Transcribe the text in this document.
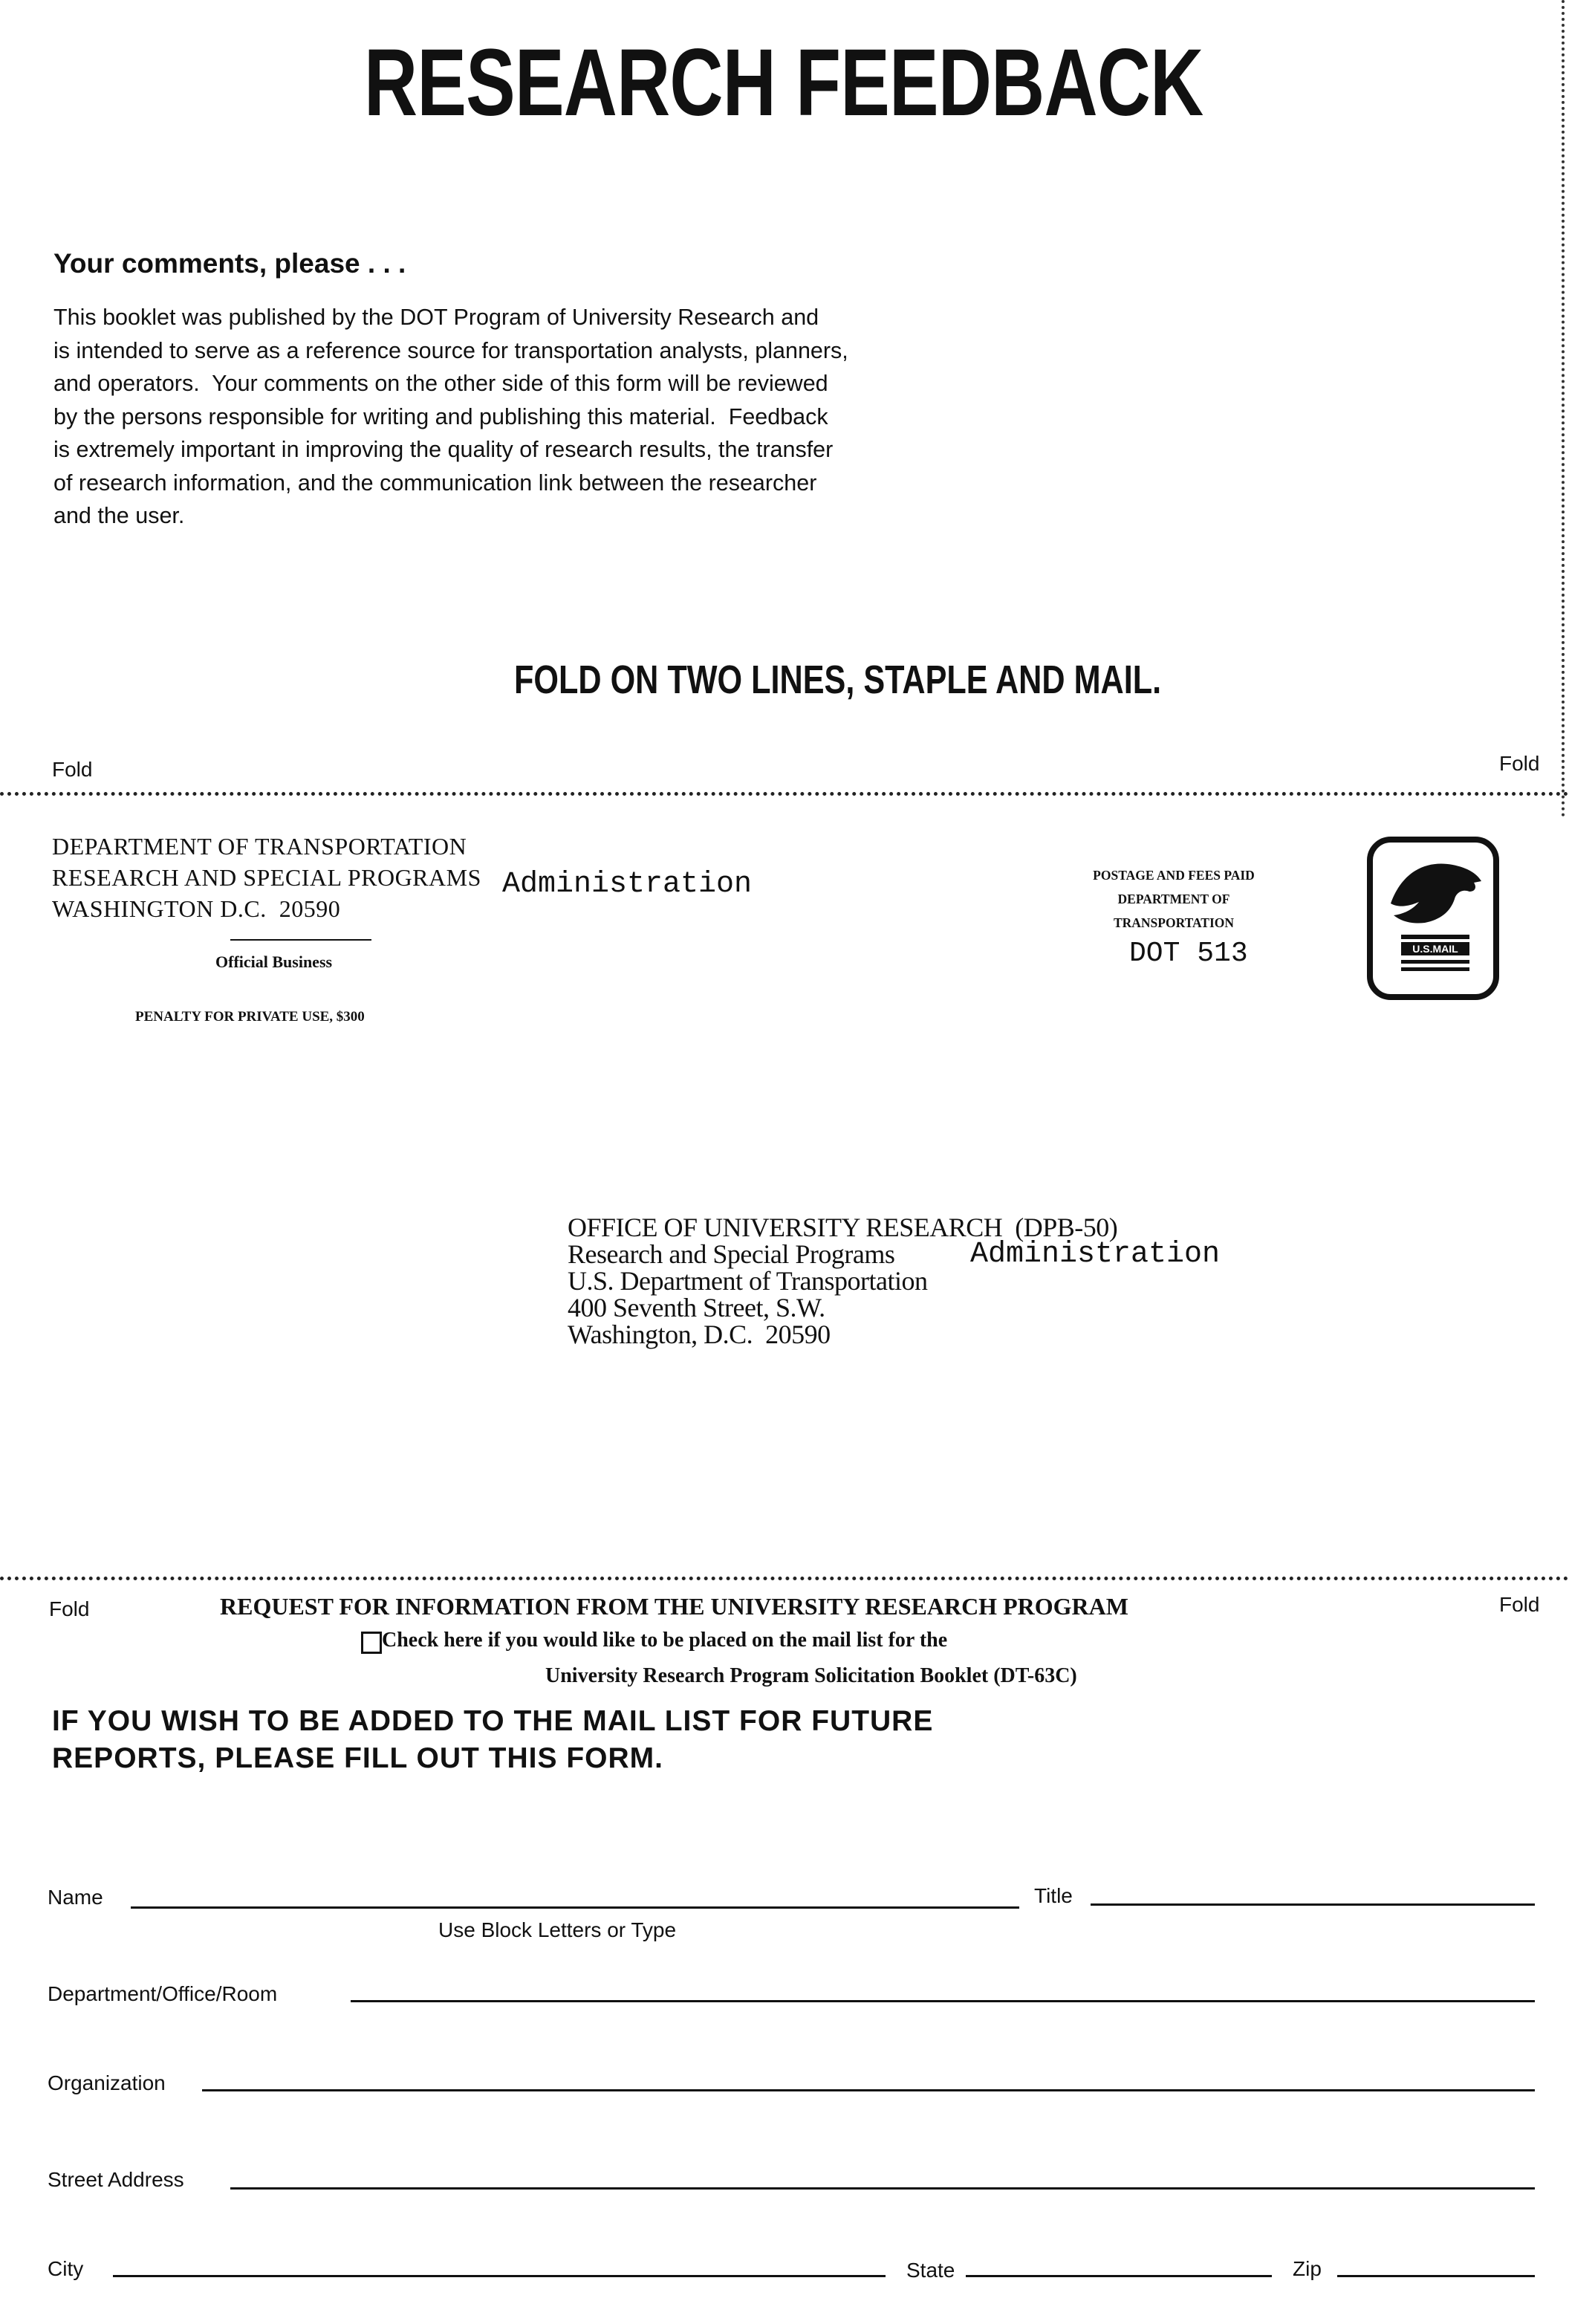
RESEARCH FEEDBACK
Your comments, please . . .
This booklet was published by the DOT Program of University Research and
is intended to serve as a reference source for transportation analysts, planners,
and operators.  Your comments on the other side of this form will be reviewed
by the persons responsible for writing and publishing this material.  Feedback
is extremely important in improving the quality of research results, the transfer
of research information, and the communication link between the researcher
and the user.
FOLD ON TWO LINES, STAPLE AND MAIL.
Fold	Fold
DEPARTMENT OF TRANSPORTATION
RESEARCH AND SPECIAL PROGRAMS
WASHINGTON D.C.  20590
Administration
Official Business
PENALTY FOR PRIVATE USE, $300
POSTAGE AND FEES PAID
DEPARTMENT OF
TRANSPORTATION
DOT 513	U.S.MAIL
OFFICE OF UNIVERSITY RESEARCH  (DPB-50)
Research and Special Programs
U.S. Department of Transportation
400 Seventh Street, S.W.
Washington, D.C.  20590
Administration
Fold	Fold
REQUEST FOR INFORMATION FROM THE UNIVERSITY RESEARCH PROGRAM
Check here if you would like to be placed on the mail list for the
University Research Program Solicitation Booklet (DT-63C)
IF YOU WISH TO BE ADDED TO THE MAIL LIST FOR FUTURE
REPORTS, PLEASE FILL OUT THIS FORM.
Name
Use Block Letters or Type
Title
Department/Office/Room
Organization
Street Address
City	State	Zip
